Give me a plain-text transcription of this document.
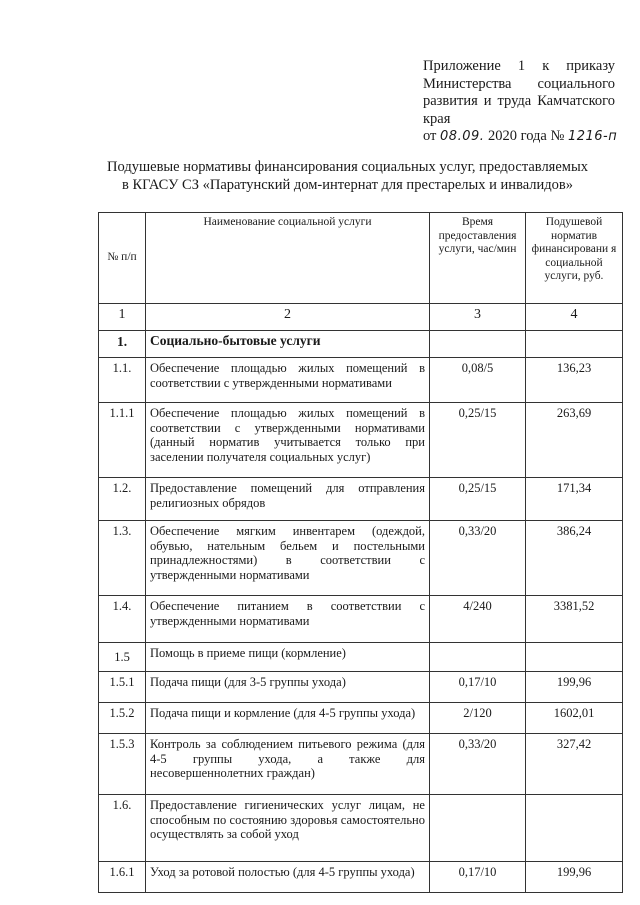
Приложение 1 к приказу
Министерства социального
развития и труда Камчатского
края
от 08.09. 2020 года № 1216-п
Подушевые нормативы финансирования социальных услуг, предоставляемых
в КГАСУ СЗ «Паратунский дом-интернат для престарелых и инвалидов»
№ п/п	Наименование социальной услуги	Время предоставления услуги, час/мин	Подушевой норматив финансировани я социальной услуги, руб.
1	2	3	4
1.	Социально-бытовые услуги		
1.1.	Обеспечение площадью жилых помещений в соответствии с утвержденными нормативами	0,08/5	136,23
1.1.1	Обеспечение площадью жилых помещений в соответствии с утвержденными нормативами (данный норматив учитывается только при заселении получателя социальных услуг)	0,25/15	263,69
1.2.	Предоставление помещений для отправления религиозных обрядов	0,25/15	171,34
1.3.	Обеспечение мягким инвентарем (одеждой, обувью, нательным бельем и постельными принадлежностями) в соответствии с утвержденными нормативами	0,33/20	386,24
1.4.	Обеспечение питанием в соответствии с утвержденными нормативами	4/240	3381,52
1.5	Помощь в приеме пищи (кормление)		
1.5.1	Подача пищи (для 3-5 группы ухода)	0,17/10	199,96
1.5.2	Подача пищи и кормление (для 4-5 группы ухода)	2/120	1602,01
1.5.3	Контроль за соблюдением питьевого режима (для 4-5 группы ухода, а также для несовершеннолетних граждан)	0,33/20	327,42
1.6.	Предоставление гигиенических услуг лицам, не способным по состоянию здоровья самостоятельно осуществлять за собой уход		
1.6.1	Уход за ротовой полостью (для 4-5 группы ухода)	0,17/10	199,96
